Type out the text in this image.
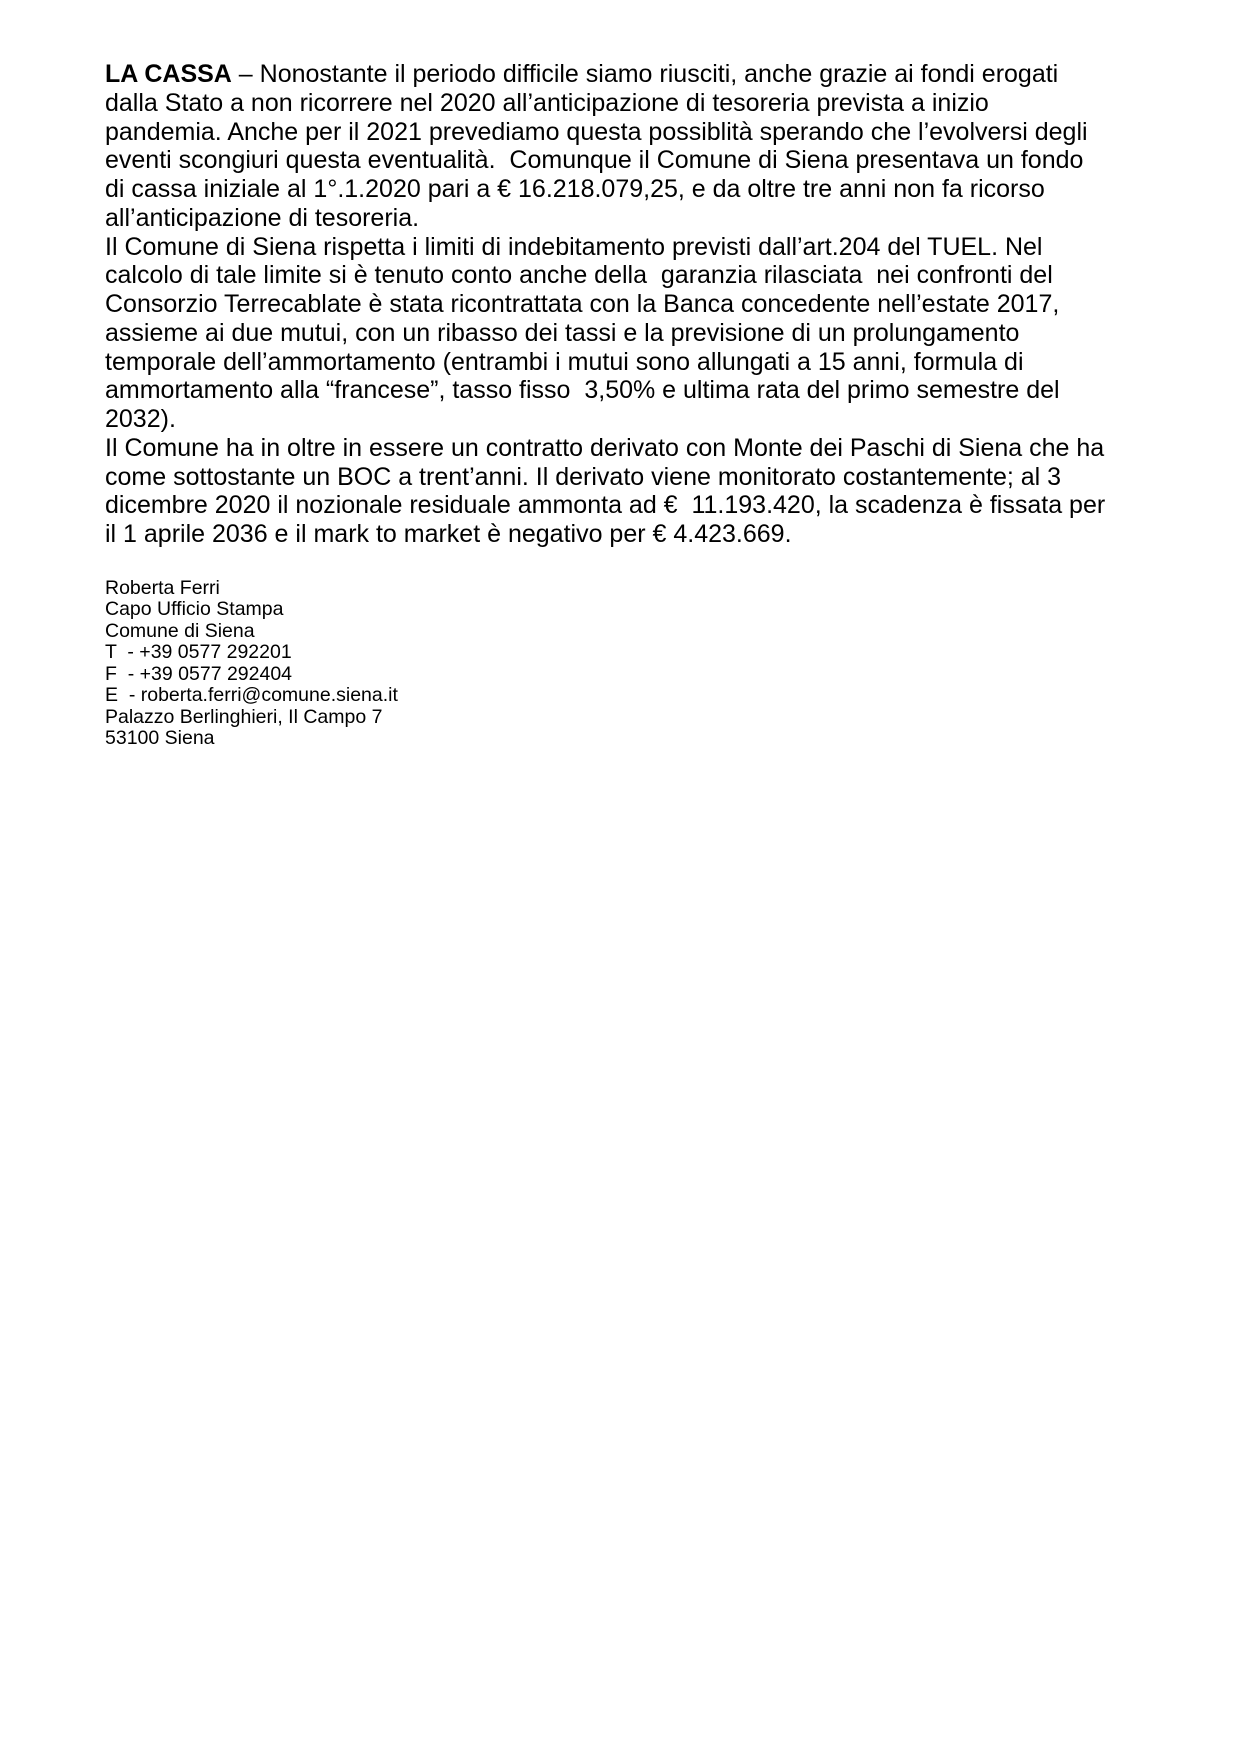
LA CASSA – Nonostante il periodo difficile siamo riusciti, anche grazie ai fondi erogati
dalla Stato a non ricorrere nel 2020 all’anticipazione di tesoreria prevista a inizio
pandemia. Anche per il 2021 prevediamo questa possiblità sperando che l’evolversi degli
eventi scongiuri questa eventualità.  Comunque il Comune di Siena presentava un fondo
di cassa iniziale al 1°.1.2020 pari a € 16.218.079,25, e da oltre tre anni non fa ricorso
all’anticipazione di tesoreria.
Il Comune di Siena rispetta i limiti di indebitamento previsti dall’art.204 del TUEL. Nel
calcolo di tale limite si è tenuto conto anche della  garanzia rilasciata  nei confronti del
Consorzio Terrecablate è stata ricontrattata con la Banca concedente nell’estate 2017,
assieme ai due mutui, con un ribasso dei tassi e la previsione di un prolungamento
temporale dell’ammortamento (entrambi i mutui sono allungati a 15 anni, formula di
ammortamento alla “francese”, tasso fisso  3,50% e ultima rata del primo semestre del
2032).
Il Comune ha in oltre in essere un contratto derivato con Monte dei Paschi di Siena che ha
come sottostante un BOC a trent’anni. Il derivato viene monitorato costantemente; al 3
dicembre 2020 il nozionale residuale ammonta ad €  11.193.420, la scadenza è fissata per
il 1 aprile 2036 e il mark to market è negativo per € 4.423.669.
Roberta Ferri
Capo Ufficio Stampa
Comune di Siena
T  - +39 0577 292201
F  - +39 0577 292404
E  - roberta.ferri@comune.siena.it
Palazzo Berlinghieri, Il Campo 7
53100 Siena
